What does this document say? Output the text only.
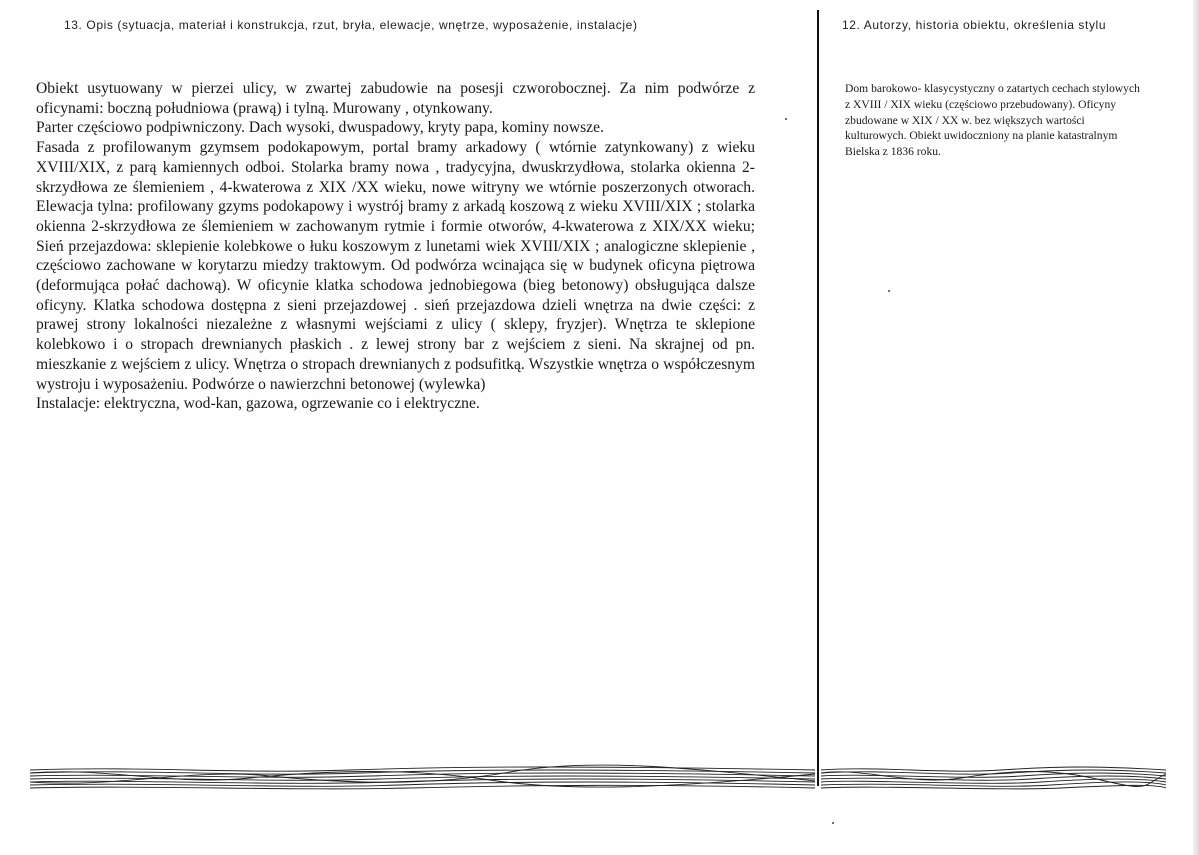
13. Opis (sytuacja, materiał i konstrukcja, rzut, bryła, elewacje, wnętrze, wyposażenie, instalacje)	12. Autorzy, historia obiektu, określenia stylu

Obiekt usytuowany w pierzei ulicy, w zwartej zabudowie na posesji czworobocznej. Za nim podwórze z oficynami: boczną południowa (prawą) i tylną. Murowany , otynkowany.

Parter częściowo podpiwniczony. Dach wysoki, dwuspadowy, kryty papa, kominy nowsze.

Fasada z profilowanym gzymsem podokapowym, portal bramy arkadowy ( wtórnie zatynkowany) z wieku XVIII/XIX, z parą kamiennych odboi. Stolarka bramy nowa , tradycyjna, dwuskrzydłowa, stolarka okienna 2-skrzydłowa ze ślemieniem , 4-kwaterowa z XIX /XX wieku, nowe witryny we wtórnie poszerzonych otworach. Elewacja tylna: profilowany gzyms podokapowy i wystrój bramy z arkadą koszową z wieku XVIII/XIX ; stolarka okienna 2-skrzydłowa ze ślemieniem w zachowanym rytmie i formie otworów, 4-kwaterowa z XIX/XX wieku; Sień przejazdowa: sklepienie kolebkowe o łuku koszowym z lunetami wiek XVIII/XIX ; analogiczne sklepienie , częściowo zachowane w korytarzu miedzy traktowym. Od podwórza wcinająca się w budynek oficyna piętrowa (deformująca połać dachową). W oficynie klatka schodowa jednobiegowa (bieg betonowy) obsługująca dalsze oficyny. Klatka schodowa dostępna z sieni przejazdowej . sień przejazdowa dzieli wnętrza na dwie części: z prawej strony lokalności niezależne z własnymi wejściami z ulicy ( sklepy, fryzjer). Wnętrza te sklepione kolebkowo i o stropach drewnianych płaskich . z lewej strony bar z wejściem z sieni. Na skrajnej od pn. mieszkanie z wejściem z ulicy. Wnętrza o stropach drewnianych z podsufitką. Wszystkie wnętrza o współczesnym wystroju i wyposażeniu. Podwórze o nawierzchni betonowej (wylewka)

Instalacje: elektryczna, wod-kan, gazowa, ogrzewanie co i elektryczne.

Dom barokowo- klasycystyczny o zatartych cechach stylowych z XVIII / XIX wieku (częściowo przebudowany). Oficyny zbudowane w XIX / XX w. bez większych wartości kulturowych. Obiekt uwidoczniony na planie katastralnym Bielska z 1836 roku.
